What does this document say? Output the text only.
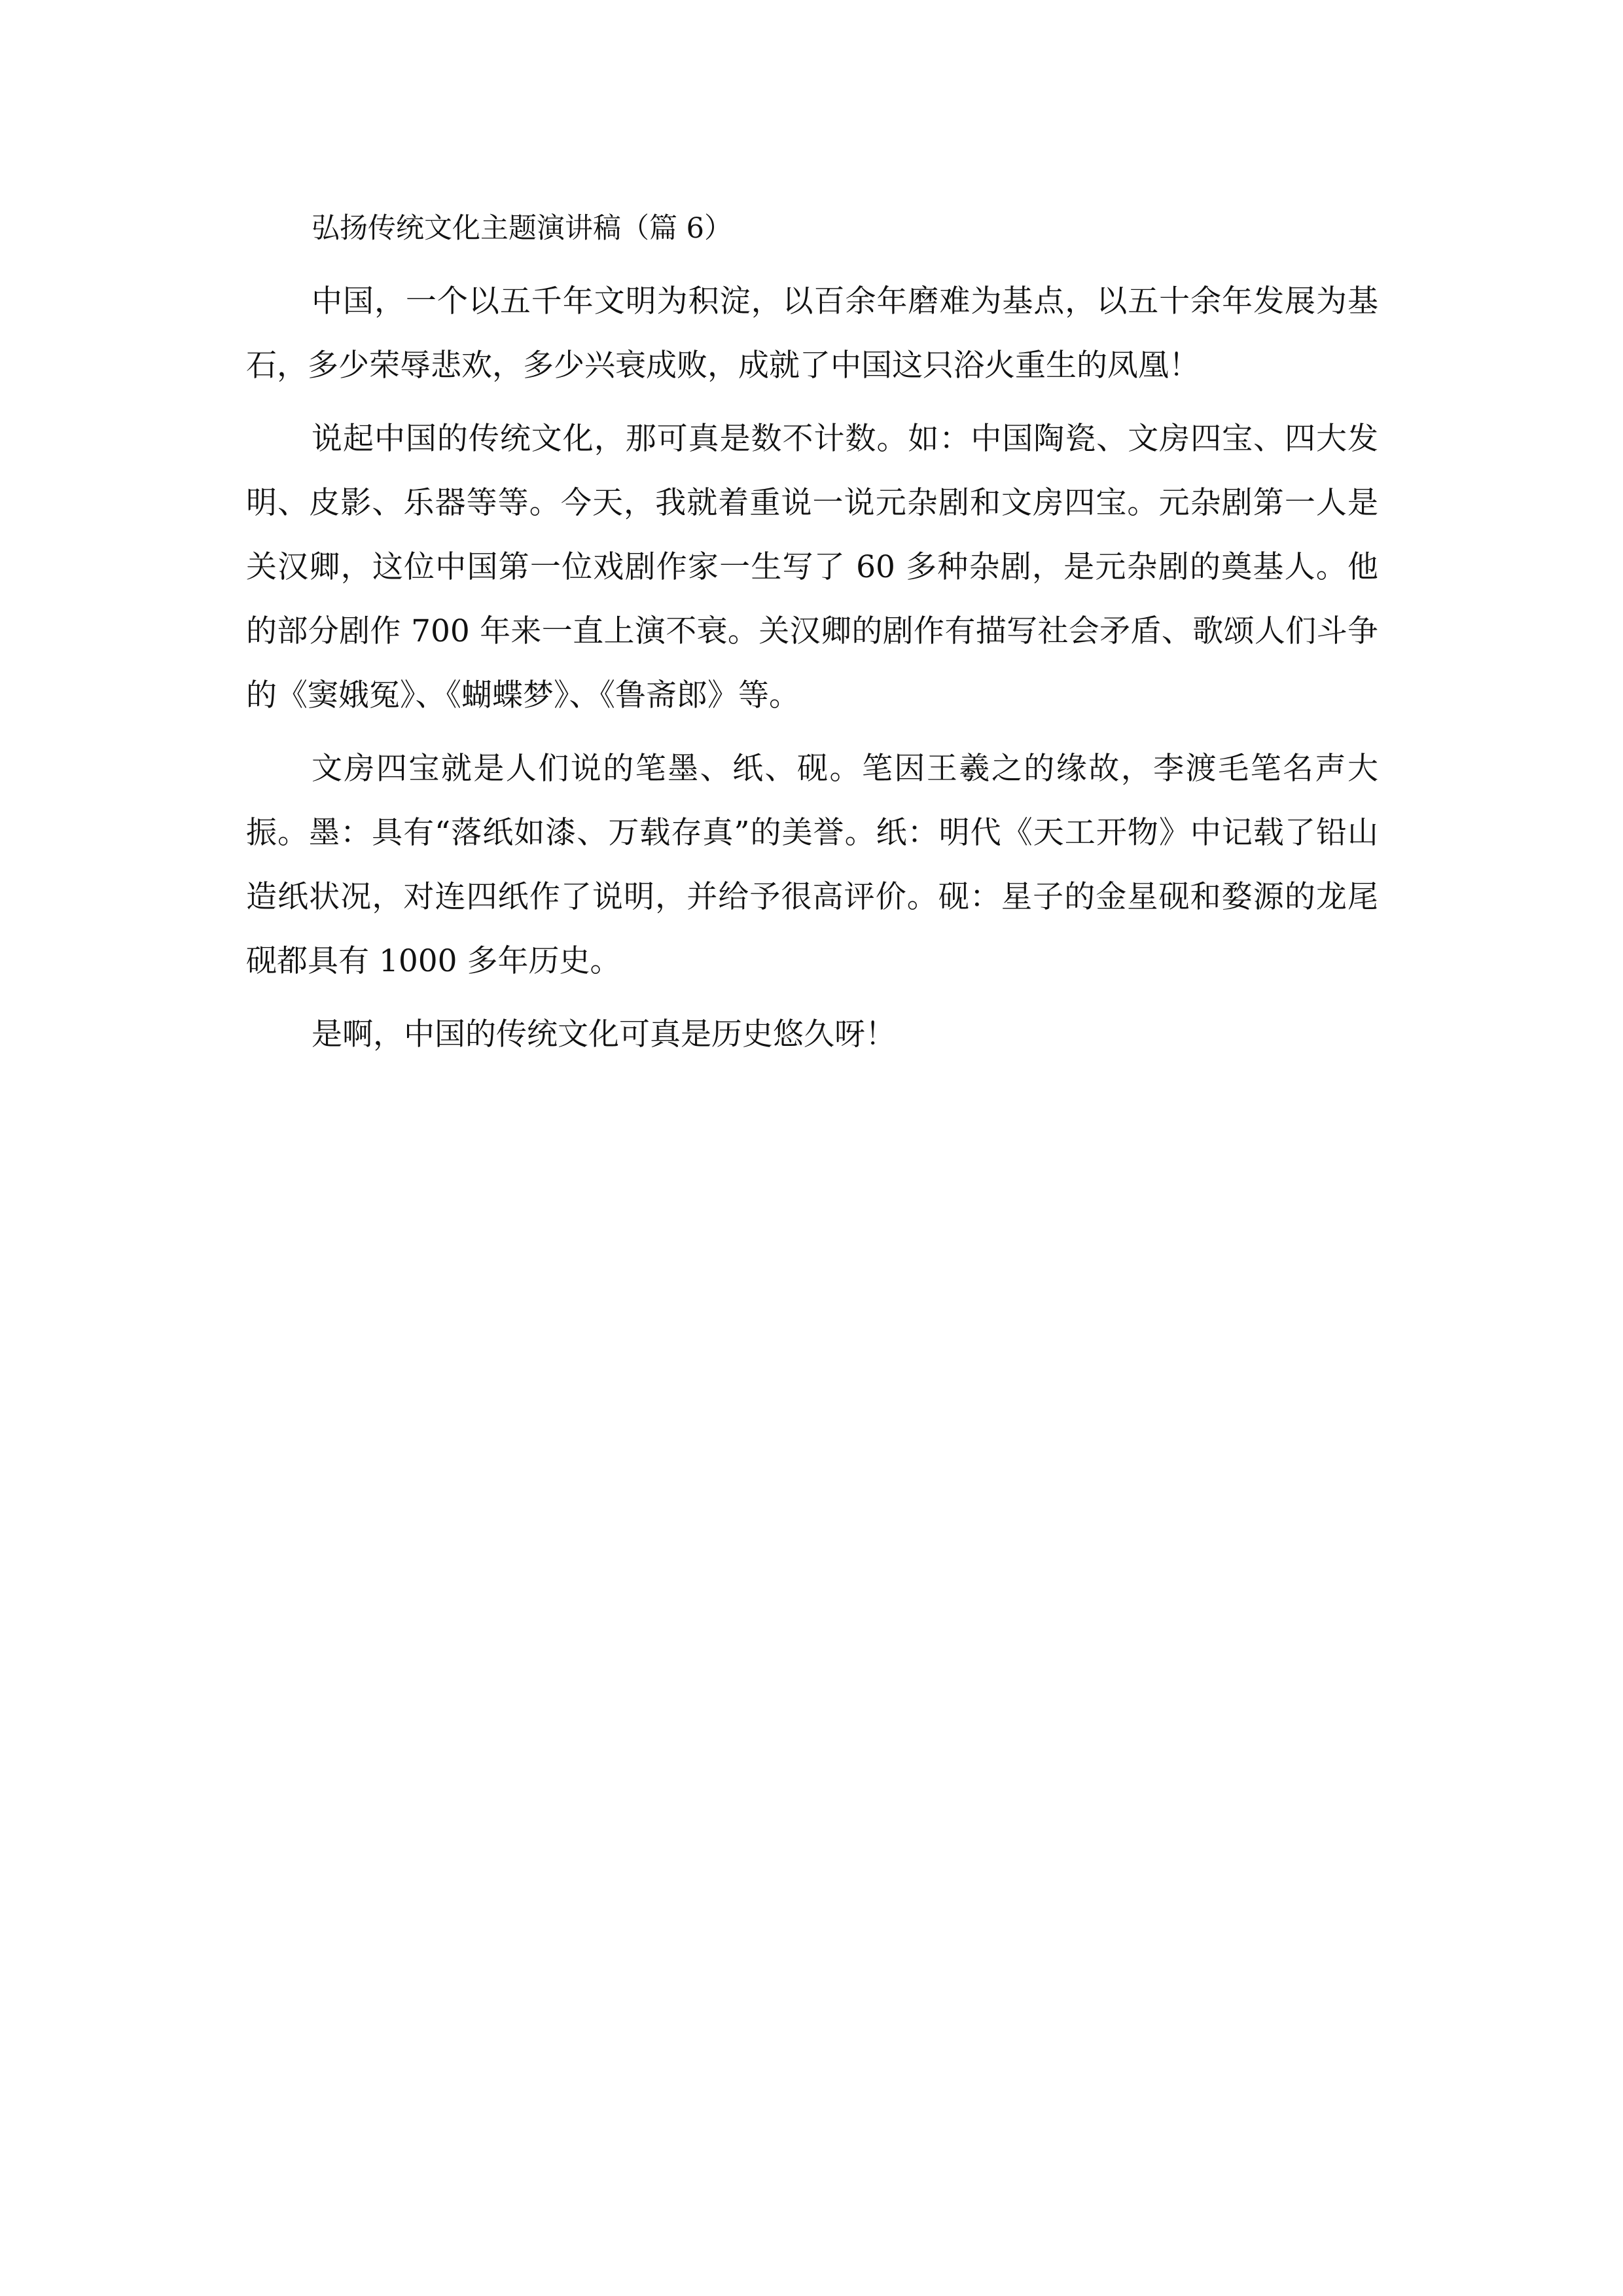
弘扬传统文化主题演讲稿（篇 6）

中国，一个以五千年文明为积淀，以百余年磨难为基点，以五十余年发展为基石，多少荣辱悲欢，多少兴衰成败，成就了中国这只浴火重生的凤凰！

说起中国的传统文化，那可真是数不计数。如：中国陶瓷、文房四宝、四大发明、皮影、乐器等等。今天，我就着重说一说元杂剧和文房四宝。元杂剧第一人是关汉卿，这位中国第一位戏剧作家一生写了 60 多种杂剧，是元杂剧的奠基人。他的部分剧作 700 年来一直上演不衰。关汉卿的剧作有描写社会矛盾、歌颂人们斗争的《窦娥冤》、《蝴蝶梦》、《鲁斋郎》等。

文房四宝就是人们说的笔墨、纸、砚。笔因王羲之的缘故，李渡毛笔名声大振。墨：具有“落纸如漆、万载存真”的美誉。纸：明代《天工开物》中记载了铅山造纸状况，对连四纸作了说明，并给予很高评价。砚：星子的金星砚和婺源的龙尾砚都具有 1000 多年历史。

是啊，中国的传统文化可真是历史悠久呀！
